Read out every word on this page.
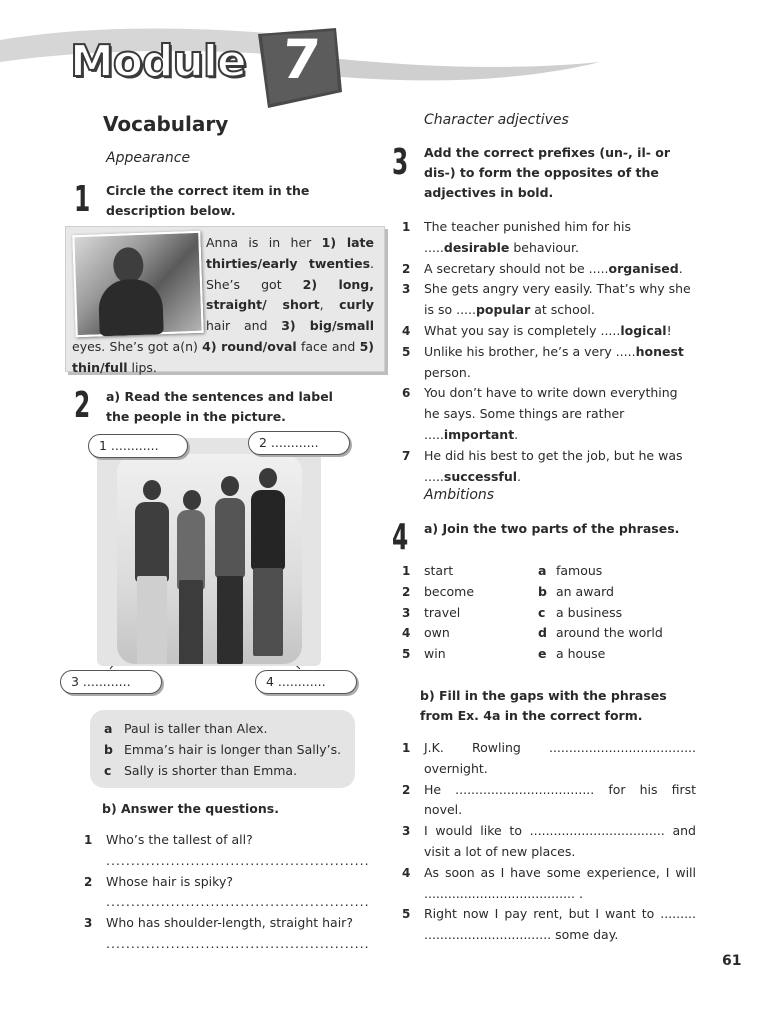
Module 7
Vocabulary
Appearance
1 Circle the correct item in the description below.
Anna is in her 1) late thirties/early twenties. She’s got 2) long, straight/ short, curly hair and 3) big/small eyes. She’s got a(n) 4) round/oval face and 5) thin/full lips.
2 a) Read the sentences and label the people in the picture.
1 ............	2 ............
3 ............	4 ............
a Paul is taller than Alex.
b Emma’s hair is longer than Sally’s.
c Sally is shorter than Emma.
b) Answer the questions.
1	Who’s the tallest of all?
.....................................................
2	Whose hair is spiky?
.....................................................
3	Who has shoulder-length, straight hair?
.....................................................
Character adjectives
3 Add the correct prefixes (un-, il- or dis-) to form the opposites of the adjectives in bold.
1	The teacher punished him for his .....desirable behaviour.
2	A secretary should not be .....organised.
3	She gets angry very easily. That’s why she is so .....popular at school.
4	What you say is completely .....logical!
5	Unlike his brother, he’s a very .....honest person.
6	You don’t have to write down everything he says. Some things are rather .....important.
7	He did his best to get the job, but he was .....successful.
Ambitions
4 a) Join the two parts of the phrases.
1	start	a famous
2	become	b an award
3	travel	c a business
4	own	d around the world
5	win	e a house
b) Fill in the gaps with the phrases from Ex. 4a in the correct form.
1	J.K. Rowling ..................................... overnight.
2	He ................................... for his first novel.
3	I would like to .................................. and visit a lot of new places.
4	As soon as I have some experience, I will ...................................... .
5	Right now I pay rent, but I want to ......... ................................ some day.
61
